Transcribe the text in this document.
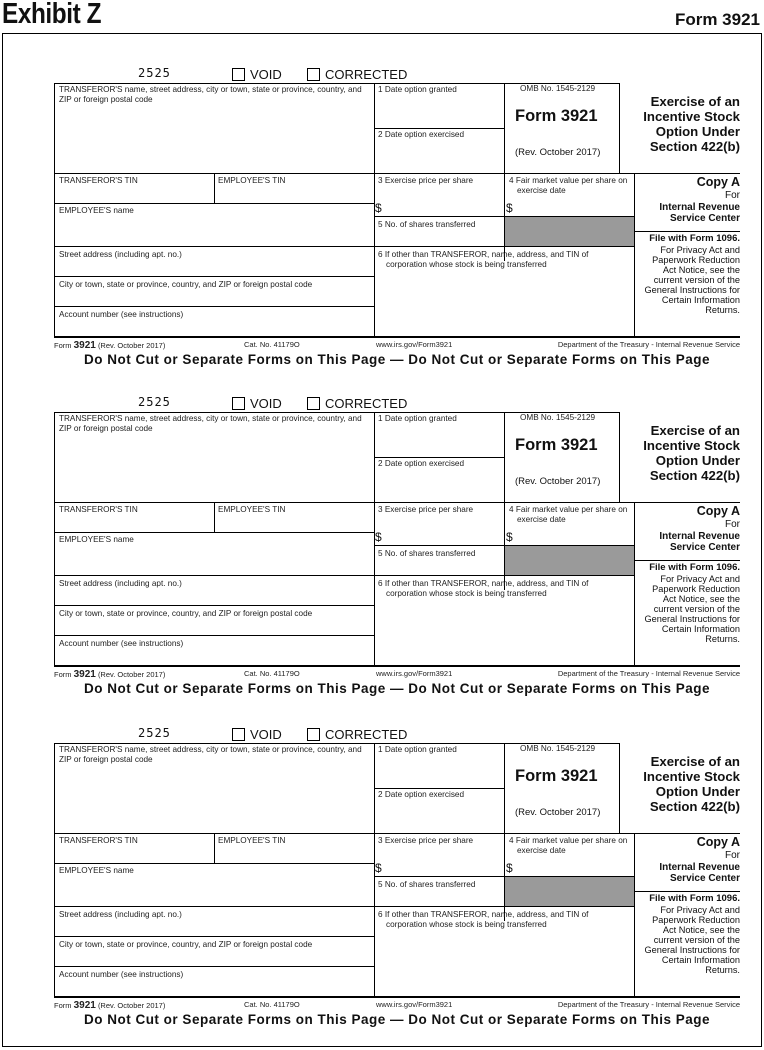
Exhibit Z	Form 3921
2525	VOID	CORRECTED
TRANSFEROR'S name, street address, city or town, state or province, country, and ZIP or foreign postal code
1 Date option granted
2 Date option exercised
OMB No. 1545-2129
Form 3921
(Rev. October 2017)
Exercise of an Incentive Stock Option Under Section 422(b)
TRANSFEROR'S TIN	EMPLOYEE'S TIN	3 Exercise price per share	4 Fair market value per share on exercise date
$	$
EMPLOYEE'S name
5 No. of shares transferred
Street address (including apt. no.)	6 If other than TRANSFEROR, name, address, and TIN of corporation whose stock is being transferred
City or town, state or province, country, and ZIP or foreign postal code
Account number (see instructions)
Copy A
For
Internal Revenue Service Center
File with Form 1096.
For Privacy Act and Paperwork Reduction Act Notice, see the current version of the General Instructions for Certain Information Returns.
Form 3921 (Rev. October 2017)	Cat. No. 41179O	www.irs.gov/Form3921	Department of the Treasury - Internal Revenue Service
Do Not Cut or Separate Forms on This Page — Do Not Cut or Separate Forms on This Page
2525	VOID	CORRECTED
TRANSFEROR'S name, street address, city or town, state or province, country, and ZIP or foreign postal code
1 Date option granted
2 Date option exercised
OMB No. 1545-2129
Form 3921
(Rev. October 2017)
Exercise of an Incentive Stock Option Under Section 422(b)
TRANSFEROR'S TIN	EMPLOYEE'S TIN	3 Exercise price per share	4 Fair market value per share on exercise date
$	$
EMPLOYEE'S name
5 No. of shares transferred
Street address (including apt. no.)	6 If other than TRANSFEROR, name, address, and TIN of corporation whose stock is being transferred
City or town, state or province, country, and ZIP or foreign postal code
Account number (see instructions)
Copy A
For
Internal Revenue Service Center
File with Form 1096.
For Privacy Act and Paperwork Reduction Act Notice, see the current version of the General Instructions for Certain Information Returns.
Form 3921 (Rev. October 2017)	Cat. No. 41179O	www.irs.gov/Form3921	Department of the Treasury - Internal Revenue Service
Do Not Cut or Separate Forms on This Page — Do Not Cut or Separate Forms on This Page
2525	VOID	CORRECTED
TRANSFEROR'S name, street address, city or town, state or province, country, and ZIP or foreign postal code
1 Date option granted
2 Date option exercised
OMB No. 1545-2129
Form 3921
(Rev. October 2017)
Exercise of an Incentive Stock Option Under Section 422(b)
TRANSFEROR'S TIN	EMPLOYEE'S TIN	3 Exercise price per share	4 Fair market value per share on exercise date
$	$
EMPLOYEE'S name
5 No. of shares transferred
Street address (including apt. no.)	6 If other than TRANSFEROR, name, address, and TIN of corporation whose stock is being transferred
City or town, state or province, country, and ZIP or foreign postal code
Account number (see instructions)
Copy A
For
Internal Revenue Service Center
File with Form 1096.
For Privacy Act and Paperwork Reduction Act Notice, see the current version of the General Instructions for Certain Information Returns.
Form 3921 (Rev. October 2017)	Cat. No. 41179O	www.irs.gov/Form3921	Department of the Treasury - Internal Revenue Service
Do Not Cut or Separate Forms on This Page — Do Not Cut or Separate Forms on This Page
